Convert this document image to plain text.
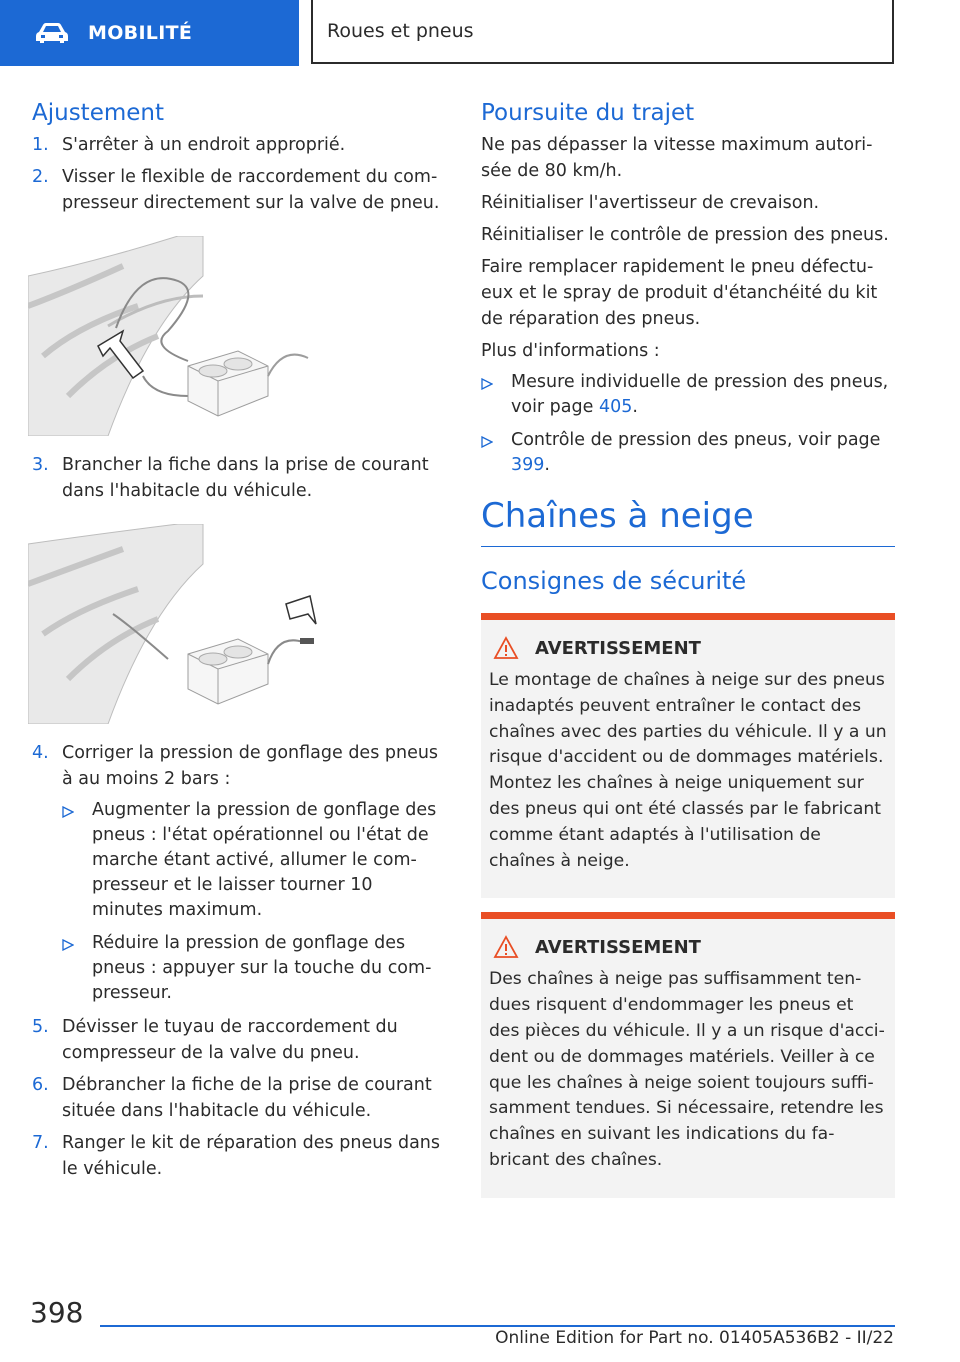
MOBILITÉ	Roues et pneus
Ajustement
1. S'arrêter à un endroit approprié.
2. Visser le flexible de raccordement du compresseur directement sur la valve de pneu.
3. Brancher la fiche dans la prise de courant dans l'habitacle du véhicule.
4. Corriger la pression de gonflage des pneus à au moins 2 bars :
Augmenter la pression de gonflage des pneus : l'état opérationnel ou l'état de marche étant activé, allumer le compresseur et le laisser tourner 10 minutes maximum.
Réduire la pression de gonflage des pneus : appuyer sur la touche du compresseur.
5. Dévisser le tuyau de raccordement du compresseur de la valve du pneu.
6. Débrancher la fiche de la prise de courant située dans l'habitacle du véhicule.
7. Ranger le kit de réparation des pneus dans le véhicule.
Poursuite du trajet

Ne pas dépasser la vitesse maximum autorisée de 80 km/h.

Réinitialiser l'avertisseur de crevaison.

Réinitialiser le contrôle de pression des pneus.

Faire remplacer rapidement le pneu défectueux et le spray de produit d'étanchéité du kit de réparation des pneus.

Plus d'informations :

Mesure individuelle de pression des pneus, voir page 405.
Contrôle de pression des pneus, voir page 399.
Chaînes à neige
Consignes de sécurité
AVERTISSEMENT

Le montage de chaînes à neige sur des pneus inadaptés peuvent entraîner le contact des chaînes avec des parties du véhicule. Il y a un risque d'accident ou de dommages matériels. Montez les chaînes à neige uniquement sur des pneus qui ont été classés par le fabricant comme étant adaptés à l'utilisation de chaînes à neige.

AVERTISSEMENT

Des chaînes à neige pas suffisamment tendues risquent d'endommager les pneus et des pièces du véhicule. Il y a un risque d'accident ou de dommages matériels. Veiller à ce que les chaînes à neige soient toujours suffisamment tendues. Si nécessaire, retendre les chaînes en suivant les indications du fabricant des chaînes.

398
Online Edition for Part no. 01405A536B2 - II/22
